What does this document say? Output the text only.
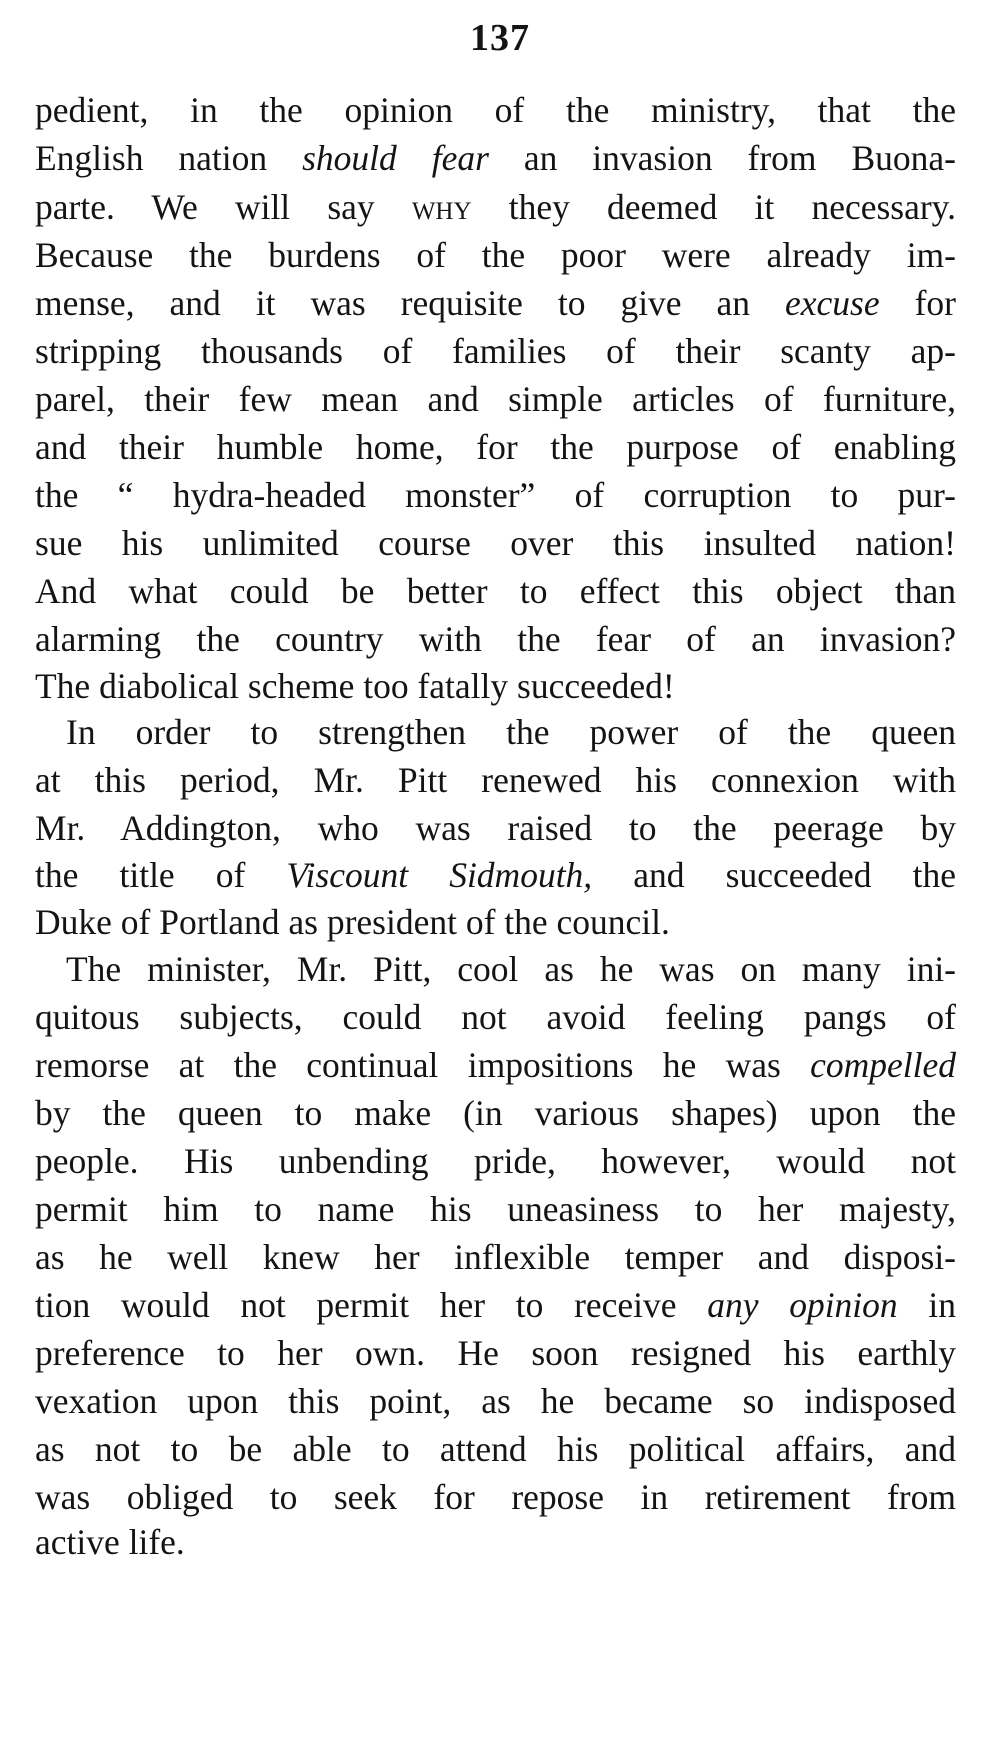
137
pedient, in the opinion of the ministry, that the
English nation should fear an invasion from Buona-
parte. We will say why they deemed it necessary.
Because the burdens of the poor were already im-
mense, and it was requisite to give an excuse for
stripping thousands of families of their scanty ap-
parel, their few mean and simple articles of furniture,
and their humble home, for the purpose of enabling
the “ hydra-headed monster” of corruption to pur-
sue his unlimited course over this insulted nation!
And what could be better to effect this object than
alarming the country with the fear of an invasion?
The diabolical scheme too fatally succeeded!
In order to strengthen the power of the queen
at this period, Mr. Pitt renewed his connexion with
Mr. Addington, who was raised to the peerage by
the title of Viscount Sidmouth, and succeeded the
Duke of Portland as president of the council.
The minister, Mr. Pitt, cool as he was on many ini-
quitous subjects, could not avoid feeling pangs of
remorse at the continual impositions he was compelled
by the queen to make (in various shapes) upon the
people. His unbending pride, however, would not
permit him to name his uneasiness to her majesty,
as he well knew her inflexible temper and disposi-
tion would not permit her to receive any opinion in
preference to her own. He soon resigned his earthly
vexation upon this point, as he became so indisposed
as not to be able to attend his political affairs, and
was obliged to seek for repose in retirement from
active life.
